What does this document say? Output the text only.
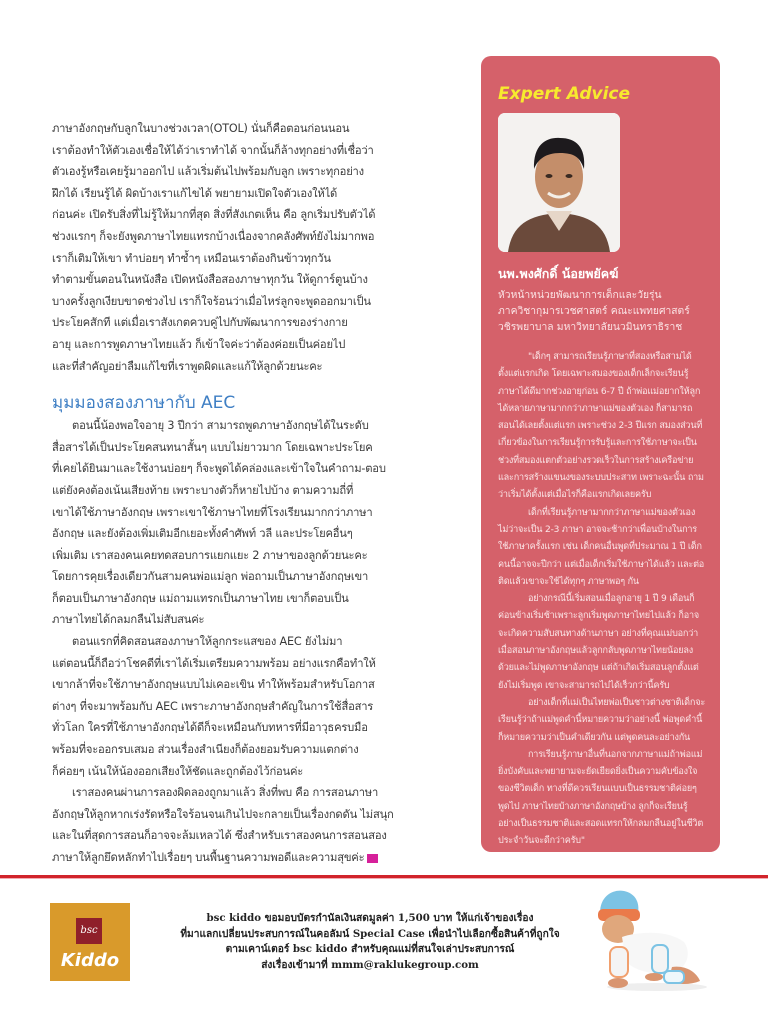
ภาษาอังกฤษกับลูกในบางช่วงเวลา(OTOL) นั่นก็คือตอนก่อนนอน
เราต้องทำให้ตัวเองเชื่อให้ได้ว่าเราทำได้ จากนั้นก็ล้างทุกอย่างที่เชื่อว่า
ตัวเองรู้หรือเคยรู้มาออกไป แล้วเริ่มต้นไปพร้อมกับลูก เพราะทุกอย่าง
ฝึกได้ เรียนรู้ได้ ผิดบ้างเราแก้ไขได้ พยายามเปิดใจตัวเองให้ได้
ก่อนค่ะ เปิดรับสิ่งที่ไม่รู้ให้มากที่สุด สิ่งที่สังเกตเห็น คือ ลูกเริ่มปรับตัวได้
ช่วงแรกๆ ก็จะยังพูดภาษาไทยแทรกบ้างเนื่องจากคลังศัพท์ยังไม่มากพอ
เราก็เติมให้เขา ทำบ่อยๆ ทำซ้ำๆ เหมือนเราต้องกินข้าวทุกวัน
ทำตามขั้นตอนในหนังสือ เปิดหนังสือสองภาษาทุกวัน ให้ดูการ์ตูนบ้าง
บางครั้งลูกเงียบขาดช่วงไป เราก็ใจร้อนว่าเมื่อไหร่ลูกจะพูดออกมาเป็น
ประโยคสักที แต่เมื่อเราสังเกตควบคู่ไปกับพัฒนาการของร่างกาย
อายุ และการพูดภาษาไทยแล้ว ก็เข้าใจค่ะว่าต้องค่อยเป็นค่อยไป
และที่สำคัญอย่าลืมแก้ไขที่เราพูดผิดและแก้ให้ลูกด้วยนะคะ

มุมมองสองภาษากับ AEC

ตอนนี้น้องพอใจอายุ 3 ปีกว่า สามารถพูดภาษาอังกฤษได้ในระดับ
สื่อสารได้เป็นประโยคสนทนาสั้นๆ แบบไม่ยาวมาก โดยเฉพาะประโยค
ที่เคยได้ยินมาและใช้งานบ่อยๆ ก็จะพูดได้คล่องและเข้าใจในคำถาม-ตอบ
แต่ยังคงต้องเน้นเสียงท้าย เพราะบางตัวก็หายไปบ้าง ตามความถี่ที่
เขาได้ใช้ภาษาอังกฤษ เพราะเขาใช้ภาษาไทยที่โรงเรียนมากกว่าภาษา
อังกฤษ และยังต้องเพิ่มเติมอีกเยอะทั้งคำศัพท์ วลี และประโยคอื่นๆ
เพิ่มเติม เราสองคนเคยทดสอบการแยกแยะ 2 ภาษาของลูกด้วยนะคะ
โดยการคุยเรื่องเดียวกันสามคนพ่อแม่ลูก พ่อถามเป็นภาษาอังกฤษเขา
ก็ตอบเป็นภาษาอังกฤษ แม่ถามแทรกเป็นภาษาไทย เขาก็ตอบเป็น
ภาษาไทยได้กลมกลืนไม่สับสนค่ะ

ตอนแรกที่คิดสอนสองภาษาให้ลูกกระแสของ AEC ยังไม่มา
แต่ตอนนี้ก็ถือว่าโชคดีที่เราได้เริ่มเตรียมความพร้อม อย่างแรกคือทำให้
เขากล้าที่จะใช้ภาษาอังกฤษแบบไม่เคอะเขิน ทำให้พร้อมสำหรับโอกาส
ต่างๆ ที่จะมาพร้อมกับ AEC เพราะภาษาอังกฤษสำคัญในการใช้สื่อสาร
ทั่วโลก ใครที่ใช้ภาษาอังกฤษได้ดีก็จะเหมือนกับทหารที่มีอาวุธครบมือ
พร้อมที่จะออกรบเสมอ ส่วนเรื่องสำเนียงก็ต้องยอมรับความแตกต่าง
ก็ค่อยๆ เน้นให้น้องออกเสียงให้ชัดและถูกต้องไว้ก่อนค่ะ

เราสองคนผ่านการลองผิดลองถูกมาแล้ว สิ่งที่พบ คือ การสอนภาษา
อังกฤษให้ลูกหากเร่งรัดหรือใจร้อนจนเกินไปจะกลายเป็นเรื่องกดดัน ไม่สนุก
และในที่สุดการสอนก็อาจจะล้มเหลวได้ ซึ่งสำหรับเราสองคนการสอนสอง
ภาษาให้ลูกยึดหลักทำไปเรื่อยๆ บนพื้นฐานความพอดีและความสุขค่ะ

Expert Advice
นพ.พงศักดิ์ น้อยพยัคฆ์
หัวหน้าหน่วยพัฒนาการเด็กและวัยรุ่น
ภาควิชากุมารเวชศาสตร์ คณะแพทยศาสตร์
วชิรพยาบาล มหาวิทยาลัยนวมินทราธิราช

"เด็กๆ สามารถเรียนรู้ภาษาที่สองหรือสามได้ตั้งแต่แรกเกิด โดยเฉพาะสมองของเด็กเล็กจะเรียนรู้ภาษาได้ดีมากช่วงอายุก่อน 6-7 ปี ถ้าพ่อแม่อยากให้ลูกได้หลายภาษามากกว่าภาษาแม่ของตัวเอง ก็สามารถสอนได้เลยตั้งแต่แรก เพราะช่วง 2-3 ปีแรก สมองส่วนที่เกี่ยวข้องในการเรียนรู้การรับรู้และการใช้ภาษาจะเป็นช่วงที่สมองแตกตัวอย่างรวดเร็วในการสร้างเครือข่าย และการสร้างแขนงของระบบประสาท เพราะฉะนั้น ถามว่าเริ่มได้ตั้งแต่เมื่อไรก็คือแรกเกิดเลยครับ

เด็กที่เรียนรู้ภาษามากกว่าภาษาแม่ของตัวเองไม่ว่าจะเป็น 2-3 ภาษา อาจจะช้ากว่าเพื่อนบ้างในการใช้ภาษาครั้งแรก เช่น เด็กคนอื่นพูดที่ประมาณ 1 ปี เด็กคนนี้อาจจะปีกว่า แต่เมื่อเด็กเริ่มใช้ภาษาได้แล้ว และต่อติดแล้วเขาจะใช้ได้ทุกๆ ภาษาพอๆ กัน

อย่างกรณีนี้เริ่มสอนเมื่อลูกอายุ 1 ปี 9 เดือนก็ค่อนข้างเริ่มช้าเพราะลูกเริ่มพูดภาษาไทยไปแล้ว ก็อาจจะเกิดความสับสนทางด้านภาษา อย่างที่คุณแม่บอกว่าเมื่อสอนภาษาอังกฤษแล้วลูกกลับพูดภาษาไทยน้อยลงด้วยและไม่พูดภาษาอังกฤษ แต่ถ้าเกิดเริ่มสอนลูกตั้งแต่ยังไม่เริ่มพูด เขาจะสามารถไปได้เร็วกว่านี้ครับ

อย่างเด็กที่แม่เป็นไทยพ่อเป็นชาวต่างชาติเด็กจะเรียนรู้ว่าถ้าแม่พูดคำนี้หมายความว่าอย่างนี้ พ่อพูดคำนี้ก็หมายความว่าเป็นคำเดียวกัน แต่พูดคนละอย่างกัน

การเรียนรู้ภาษาอื่นที่นอกจากภาษาแม่ถ้าพ่อแม่ยิ่งบังคับและพยายามจะยัดเยียดยิ่งเป็นความคับข้องใจของชีวิตเด็ก ทางที่ดีควรเรียนแบบเป็นธรรมชาติค่อยๆ พูดไป ภาษาไทยบ้างภาษาอังกฤษบ้าง ลูกก็จะเรียนรู้อย่างเป็นธรรมชาติและสอดแทรกให้กลมกลืนอยู่ในชีวิตประจำวันจะดีกว่าครับ"

bsc
Kiddo
bsc kiddo ขอมอบบัตรกำนัลเงินสดมูลค่า 1,500 บาท ให้แก่เจ้าของเรื่อง
ที่มาแลกเปลี่ยนประสบการณ์ในคอลัมน์ Special Case เพื่อนำไปเลือกซื้อสินค้าที่ถูกใจ
ตามเคาน์เตอร์ bsc kiddo สำหรับคุณแม่ที่สนใจเล่าประสบการณ์
ส่งเรื่องเข้ามาที่ mmm@raklukegroup.com
